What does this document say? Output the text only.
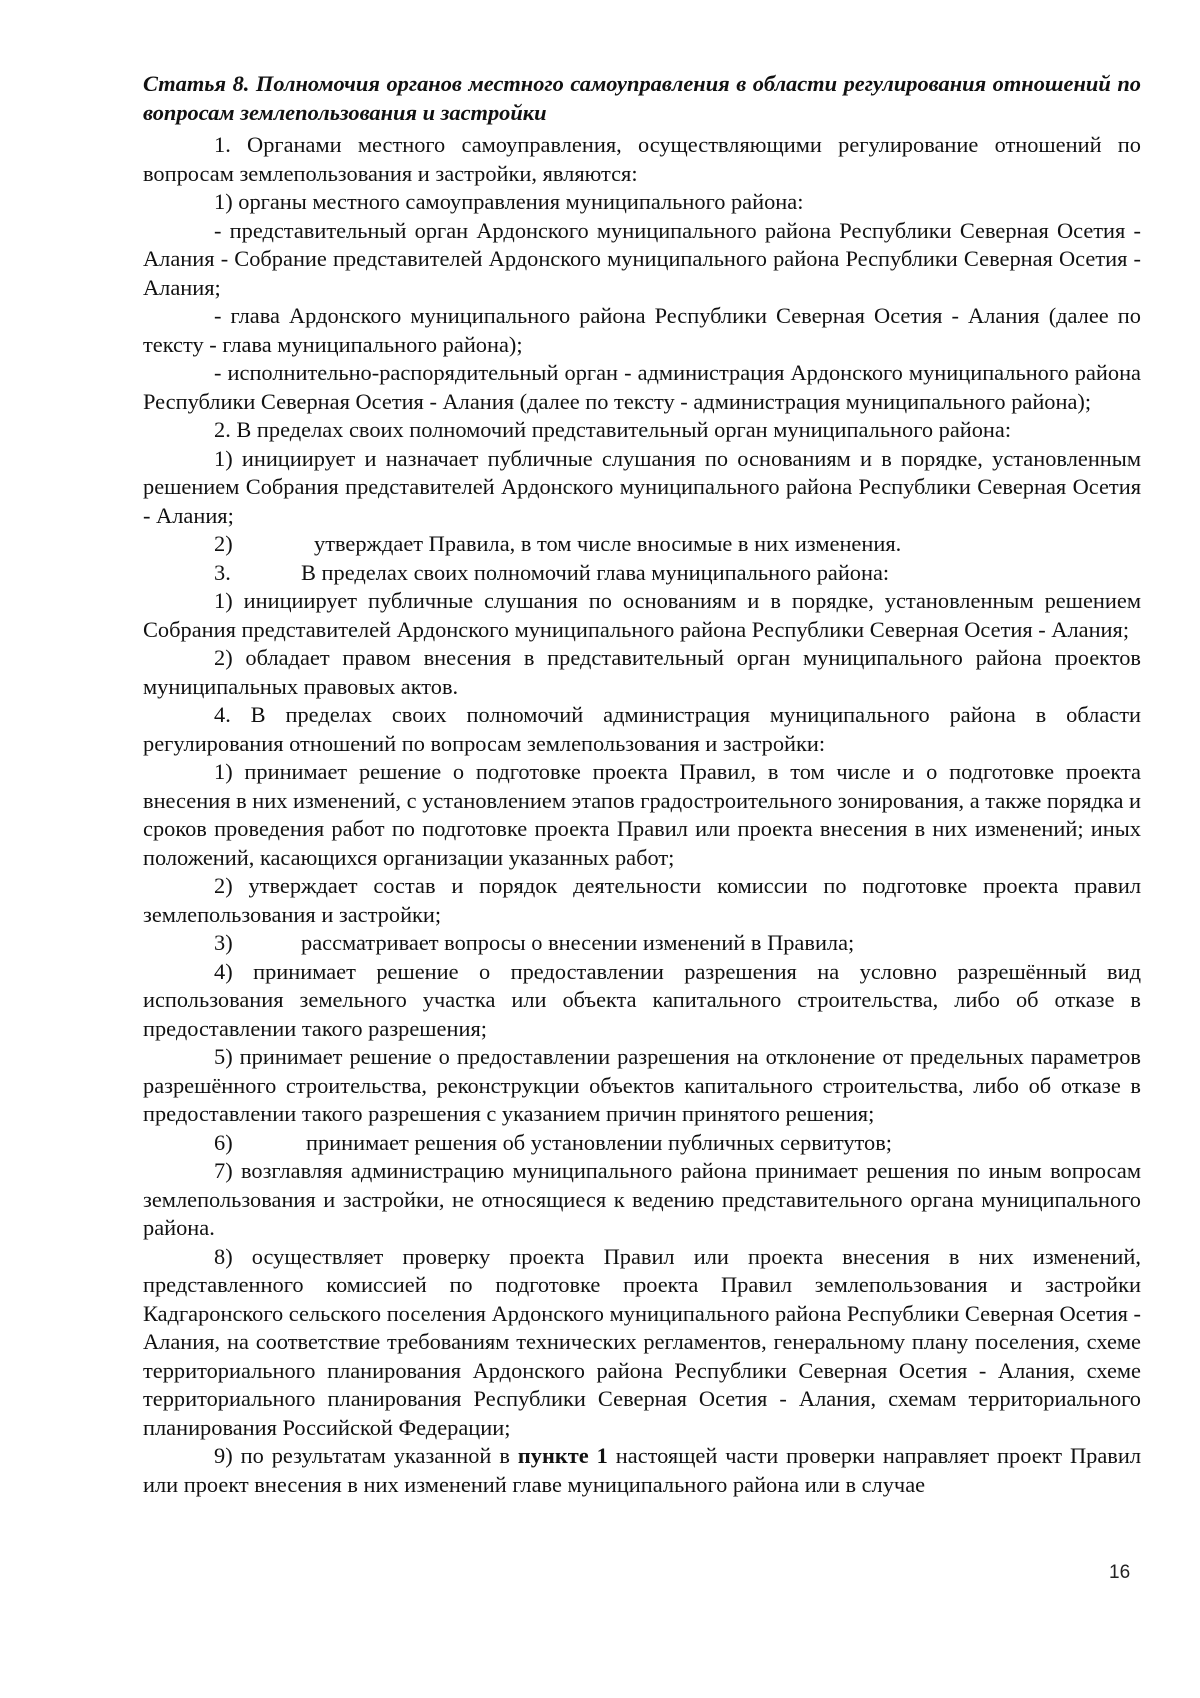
Статья 8. Полномочия органов местного самоуправления в области регулирования отношений по вопросам землепользования и застройки

1. Органами местного самоуправления, осуществляющими регулирование отношений по вопросам землепользования и застройки, являются:

1) органы местного самоуправления муниципального района:

- представительный орган Ардонского муниципального района Республики Северная Осетия - Алания - Собрание представителей Ардонского муниципального района Республики Северная Осетия - Алания;

- глава Ардонского муниципального района Республики Северная Осетия - Алания (далее по тексту - глава муниципального района);

- исполнительно-распорядительный орган - администрация Ардонского муниципального района Республики Северная Осетия - Алания (далее по тексту - администрация муниципального района);

2. В пределах своих полномочий представительный орган муниципального района:

1) инициирует и назначает публичные слушания по основаниям и в порядке, установленным решением Собрания представителей Ардонского муниципального района Республики Северная Осетия - Алания;

2)	утверждает Правила, в том числе вносимые в них изменения.
3.	В пределах своих полномочий глава муниципального района:

1) инициирует публичные слушания по основаниям и в порядке, установленным решением Собрания представителей Ардонского муниципального района Республики Северная Осетия - Алания;

2) обладает правом внесения в представительный орган муниципального района проектов муниципальных правовых актов.

4. В пределах своих полномочий администрация муниципального района в области регулирования отношений по вопросам землепользования и застройки:

1) принимает решение о подготовке проекта Правил, в том числе и о подготовке проекта внесения в них изменений, с установлением этапов градостроительного зонирования, а также порядка и сроков проведения работ по подготовке проекта Правил или проекта внесения в них изменений; иных положений, касающихся организации указанных работ;

2) утверждает состав и порядок деятельности комиссии по подготовке проекта правил землепользования и застройки;

3)	рассматривает вопросы о внесении изменений в Правила;

4) принимает решение о предоставлении разрешения на условно разрешённый вид использования земельного участка или объекта капитального строительства, либо об отказе в предоставлении такого разрешения;

5) принимает решение о предоставлении разрешения на отклонение от предельных параметров разрешённого строительства, реконструкции объектов капитального строительства, либо об отказе в предоставлении такого разрешения с указанием причин принятого решения;

6)	принимает решения об установлении публичных сервитутов;

7) возглавляя администрацию муниципального района принимает решения по иным вопросам землепользования и застройки, не относящиеся к ведению представительного органа муниципального района.

8) осуществляет проверку проекта Правил или проекта внесения в них изменений, представленного комиссией по подготовке проекта Правил землепользования и застройки Кадгаронского сельского поселения Ардонского муниципального района Республики Северная Осетия - Алания, на соответствие требованиям технических регламентов, генеральному плану поселения, схеме территориального планирования Ардонского района Республики Северная Осетия - Алания, схеме территориального планирования Республики Северная Осетия - Алания, схемам территориального планирования Российской Федерации;

9) по результатам указанной в пункте 1 настоящей части проверки направляет проект Правил или проект внесения в них изменений главе муниципального района или в случае

16
